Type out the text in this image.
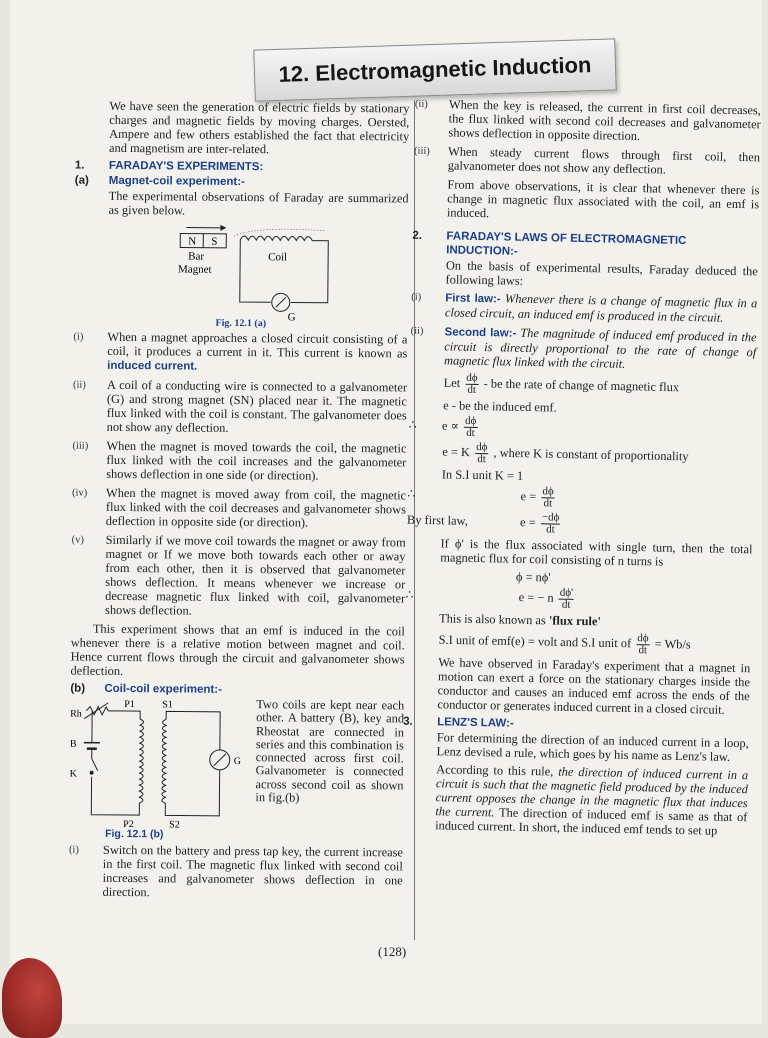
12. Electromagnetic Induction

We have seen the generation of electric fields by stationary charges and magnetic fields by moving charges. Oersted, Ampere and few others established the fact that electricity and magnetism are inter-related.

1.	FARADAY'S EXPERIMENTS:
(a)	Magnet-coil experiment:-

The experimental observations of Faraday are summarized as given below.

N S
Bar
Magnet
Coil
G
Fig. 12.1 (a)
(i)	When a magnet approaches a closed circuit consisting of a coil, it produces a current in it. This current is known as induced current.
(ii)	A coil of a conducting wire is connected to a galvanometer (G) and strong magnet (SN) placed near it. The magnetic flux linked with the coil is constant. The galvanometer does not show any deflection.
(iii)	When the magnet is moved towards the coil, the magnetic flux linked with the coil increases and the galvanometer shows deflection in one side (or direction).
(iv)	When the magnet is moved away from coil, the magnetic flux linked with the coil decreases and galvanometer shows deflection in opposite side (or direction).
(v)	Similarly if we move coil towards the magnet or away from magnet or If we move both towards each other or away from each other, then it is observed that galvanometer shows deflection. It means whenever we increase or decrease magnetic flux linked with coil, galvanometer shows deflection.

This experiment shows that an emf is induced in the coil whenever there is a relative motion between magnet and coil. Hence current flows through the circuit and galvanometer shows deflection.

(b)	Coil-coil experiment:-
Rh
P1
P2
B
K
S1
S2
G

Two coils are kept near each other. A battery (B), key and Rheostat are connected in series and this combination is connected across first coil. Galvanometer is connected across second coil as shown in fig.(b)

Fig. 12.1 (b)
(i)	Switch on the battery and press tap key, the current increase in the first coil. The magnetic flux linked with second coil increases and galvanometer shows deflection in one direction.
(ii)	When the key is released, the current in first coil decreases, the flux linked with second coil decreases and galvanometer shows deflection in opposite direction.
(iii)	When steady current flows through first coil, then galvanometer does not show any deflection.

From above observations, it is clear that whenever there is change in magnetic flux associated with the coil, an emf is induced.

2.	FARADAY'S LAWS OF ELECTROMAGNETIC INDUCTION:-

On the basis of experimental results, Faraday deduced the following laws:

(i)	First law:- Whenever there is a change of magnetic flux in a closed circuit, an induced emf is produced in the circuit.
(ii)	Second law:- The magnitude of induced emf produced in the circuit is directly proportional to the rate of change of magnetic flux linked with the circuit.
Let $\frac{d\phi}{dt}$ - be the rate of change of magnetic flux
e - be the induced emf.
∴ $e \propto \frac{d\phi}{dt}$
e = K $\frac{d\phi}{dt}$ , where K is constant of proportionality
In S.I unit K = 1
∴	$e = \frac{d\phi}{dt}$
By first law,	$e = \frac{-d\phi}{dt}$

If ϕ' is the flux associated with single turn, then the total magnetic flux for coil consisting of n turns is

ϕ = nϕ'
∴	e = − n $\frac{d\phi'}{dt}$

This is also known as 'flux rule'

S.I unit of emf(e) = volt and S.I unit of $\frac{d\phi}{dt} = Wb/s$

We have observed in Faraday's experiment that a magnet in motion can exert a force on the stationary charges inside the conductor and causes an induced emf across the ends of the conductor or generates induced current in a closed circuit.

3.	LENZ'S LAW:-

For determining the direction of an induced current in a loop, Lenz devised a rule, which goes by his name as Lenz's law.

According to this rule, the direction of induced current in a circuit is such that the magnetic field produced by the induced current opposes the change in the magnetic flux that induces the current. The direction of induced emf is same as that of induced current. In short, the induced emf tends to set up

(128)
